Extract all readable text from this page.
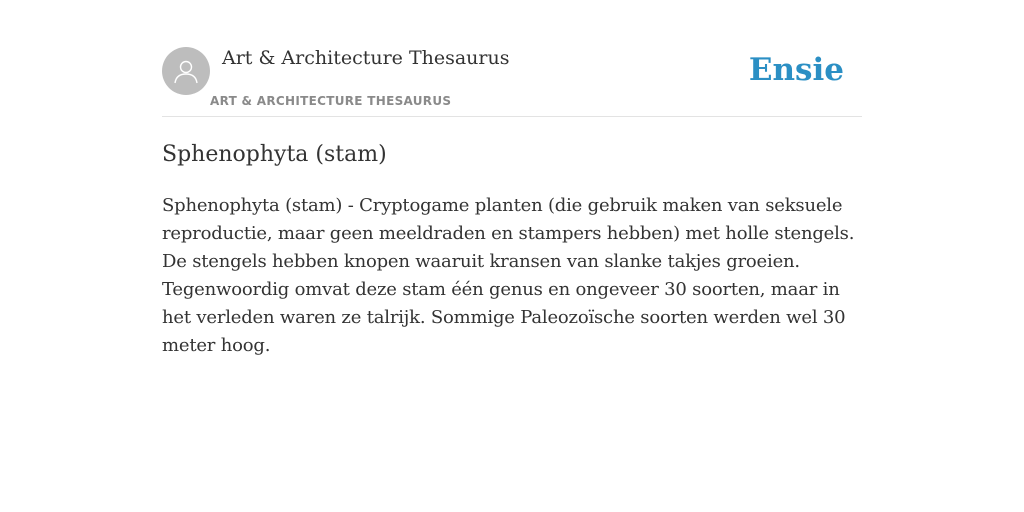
Art & Architecture Thesaurus
ART & ARCHITECTURE THESAURUS
Ensie
Sphenophyta (stam)

Sphenophyta (stam) - Cryptogame planten (die gebruik maken van seksuele reproductie, maar geen meeldraden en stampers hebben) met holle stengels. De stengels hebben knopen waaruit kransen van slanke takjes groeien. Tegenwoordig omvat deze stam één genus en ongeveer 30 soorten, maar in het verleden waren ze talrijk. Sommige Paleozoïsche soorten werden wel 30 meter hoog.
